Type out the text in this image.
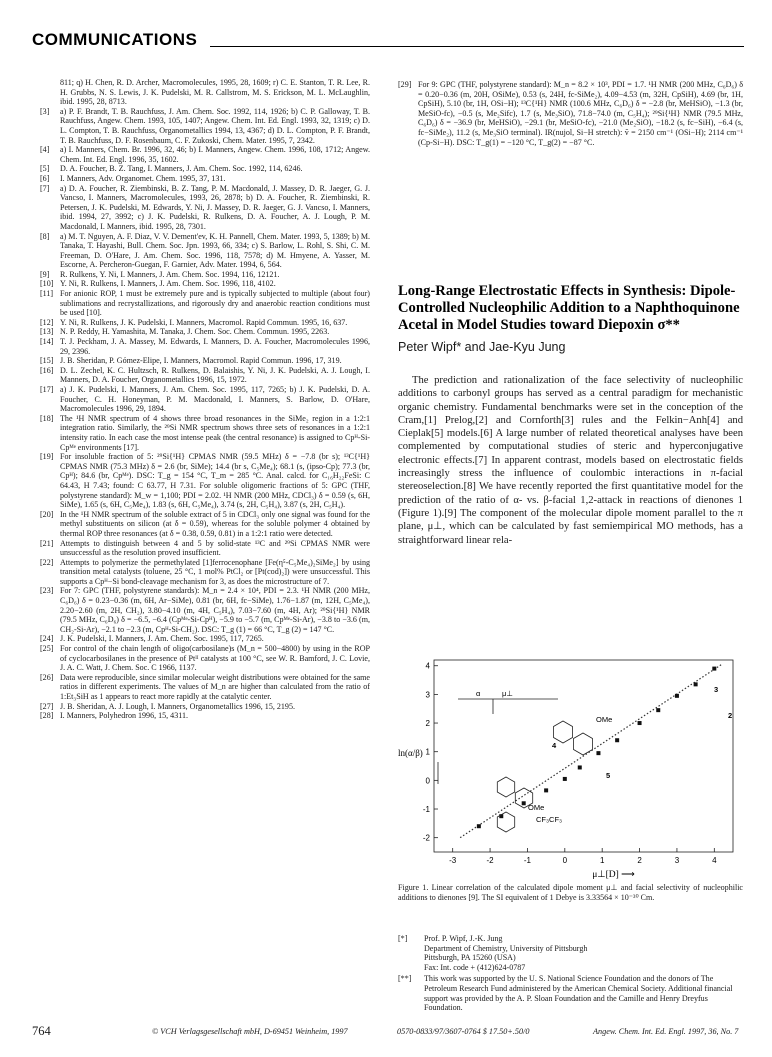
COMMUNICATIONS

811; q) H. Chen, R. D. Archer, Macromolecules, 1995, 28, 1609; r) C. E. Stanton, T. R. Lee, R. H. Grubbs, N. S. Lewis, J. K. Pudelski, M. R. Callstrom, M. S. Erickson, M. L. McLaughlin, ibid. 1995, 28, 8713.

[3] a) P. F. Brandt, T. B. Rauchfuss, J. Am. Chem. Soc. 1992, 114, 1926; b) C. P. Galloway, T. B. Rauchfuss, Angew. Chem. 1993, 105, 1407; Angew. Chem. Int. Ed. Engl. 1993, 32, 1319; c) D. L. Compton, T. B. Rauchfuss, Organometallics 1994, 13, 4367; d) D. L. Compton, P. F. Brandt, T. B. Rauchfuss, D. F. Rosenbaum, C. F. Zukoski, Chem. Mater. 1995, 7, 2342.

[4] a) I. Manners, Chem. Br. 1996, 32, 46; b) I. Manners, Angew. Chem. 1996, 108, 1712; Angew. Chem. Int. Ed. Engl. 1996, 35, 1602.

[5] D. A. Foucher, B. Z. Tang, I. Manners, J. Am. Chem. Soc. 1992, 114, 6246.

[6] I. Manners, Adv. Organomet. Chem. 1995, 37, 131.

[7] a) D. A. Foucher, R. Ziembinski, B. Z. Tang, P. M. Macdonald, J. Massey, D. R. Jaeger, G. J. Vancso, I. Manners, Macromolecules, 1993, 26, 2878; b) D. A. Foucher, R. Ziembinski, R. Petersen, J. K. Pudelski, M. Edwards, Y. Ni, J. Massey, D. R. Jaeger, G. J. Vancso, I. Manners, ibid. 1994, 27, 3992; c) J. K. Pudelski, R. Rulkens, D. A. Foucher, A. J. Lough, P. M. Macdonald, I. Manners, ibid. 1995, 28, 7301.

[8] a) M. T. Nguyen, A. F. Diaz, V. V. Dement'ev, K. H. Pannell, Chem. Mater. 1993, 5, 1389; b) M. Tanaka, T. Hayashi, Bull. Chem. Soc. Jpn. 1993, 66, 334; c) S. Barlow, L. Rohl, S. Shi, C. M. Freeman, D. O'Hare, J. Am. Chem. Soc. 1996, 118, 7578; d) M. Hmyene, A. Yasser, M. Escorne, A. Percheron-Guegan, F. Garnier, Adv. Mater. 1994, 6, 564.

[9] R. Rulkens, Y. Ni, I. Manners, J. Am. Chem. Soc. 1994, 116, 12121.

[10] Y. Ni, R. Rulkens, I. Manners, J. Am. Chem. Soc. 1996, 118, 4102.

[11] For anionic ROP, 1 must be extremely pure and is typically subjected to multiple (about four) sublimations and recrystallizations, and rigorously dry and anaerobic reaction conditions must be used [10].

[12] Y. Ni, R. Rulkens, J. K. Pudelski, I. Manners, Macromol. Rapid Commun. 1995, 16, 637.

[13] N. P. Reddy, H. Yamashita, M. Tanaka, J. Chem. Soc. Chem. Commun. 1995, 2263.

[14] T. J. Peckham, J. A. Massey, M. Edwards, I. Manners, D. A. Foucher, Macromolecules 1996, 29, 2396.

[15] J. B. Sheridan, P. Gómez-Elipe, I. Manners, Macromol. Rapid Commun. 1996, 17, 319.

[16] D. L. Zechel, K. C. Hultzsch, R. Rulkens, D. Balaishis, Y. Ni, J. K. Pudelski, A. J. Lough, I. Manners, D. A. Foucher, Organometallics 1996, 15, 1972.

[17] a) J. K. Pudelski, I. Manners, J. Am. Chem. Soc. 1995, 117, 7265; b) J. K. Pudelski, D. A. Foucher, C. H. Honeyman, P. M. Macdonald, I. Manners, S. Barlow, D. O'Hare, Macromolecules 1996, 29, 1894.

[18] The ¹H NMR spectrum of 4 shows three broad resonances in the SiMe₂ region in a 1:2:1 integration ratio. Similarly, the ²⁹Si NMR spectrum shows three sets of resonances in a 1:2:1 intensity ratio. In each case the most intense peak (the central resonance) is assigned to Cpᴴ-Si-Cpᴹᵉ environments [17].

[19] For insoluble fraction of 5: ²⁹Si{¹H} CPMAS NMR (59.5 MHz) δ = −7.8 (br s); ¹³C{¹H} CPMAS NMR (75.3 MHz) δ = 2.6 (br, SiMe); 14.4 (br s, C₅Me₄); 68.1 (s, (ipso-Cp); 77.3 (br, Cpᴴ); 84.6 (br, Cpᴹᵉ). DSC: T_g = 154 °C, T_m = 285 °C. Anal. calcd. for C₁₆H₂₂FeSi: C 64.43, H 7.43; found: C 63.77, H 7.31. For soluble oligomeric fractions of 5: GPC (THF, polystyrene standard): M_w = 1,100; PDI = 2.02. ¹H NMR (200 MHz, CDCl₃) δ = 0.59 (s, 6H, SiMe), 1.65 (s, 6H, C₅Me₄), 1.83 (s, 6H, C₅Me₄), 3.74 (s, 2H, C₅H₄), 3.87 (s, 2H, C₅H₄).

[20] In the ¹H NMR spectrum of the soluble extract of 5 in CDCl₃ only one signal was found for the methyl substituents on silicon (at δ = 0.59), whereas for the soluble polymer 4 obtained by thermal ROP three resonances (at δ = 0.38, 0.59, 0.81) in a 1:2:1 ratio were detected.

[21] Attempts to distinguish between 4 and 5 by solid-state ¹³C and ²⁹Si CPMAS NMR were unsuccessful as the resolution proved insufficient.

[22] Attempts to polymerize the permethylated [1]ferrocenophane [Fe(η⁵-C₅Me₄)₂SiMe₂] by using transition metal catalysts (toluene, 25 °C, 1 mol% PtCl₂ or [Pt(cod)₂]) were unsuccessful. This supports a Cpᴴ−Si bond-cleavage mechanism for 3, as does the microstructure of 7.

[23] For 7: GPC (THF, polystyrene standards): M_n = 2.4 × 10⁴, PDI = 2.3. ¹H NMR (200 MHz, C₆D₆) δ = 0.23−0.36 (m, 6H, Ar−SiMe), 0.81 (br, 6H, fc−SiMe), 1.76−1.87 (m, 12H, C₅Me₄), 2.20−2.60 (m, 2H, CH₂), 3.80−4.10 (m, 4H, C₅H₄), 7.03−7.60 (m, 4H, Ar); ²⁹Si{¹H} NMR (79.5 MHz, C₆D₆) δ = −6.5, −6.4 (Cpᴹᵉ-Si-Cpᴴ), −5.9 to −5.7 (m, Cpᴹᵉ-Si-Ar), −3.8 to −3.6 (m, CH₂-Si-Ar), −2.1 to −2.3 (m, Cpᴴ-Si-CH₂). DSC: T_g (1) = 66 °C, T_g (2) = 147 °C.

[24] J. K. Pudelski, I. Manners, J. Am. Chem. Soc. 1995, 117, 7265.

[25] For control of the chain length of oligo(carbosilane)s (M_n = 500−4800) by using in the ROP of cyclocarbosilanes in the presence of Ptᴵᴵ catalysts at 100 °C, see W. R. Bamford, J. C. Lovie, J. A. C. Watt, J. Chem. Soc. C 1966, 1137.

[26] Data were reproducible, since similar molecular weight distributions were obtained for the same ratios in different experiments. The values of M_n are higher than calculated from the ratio of 1:Et₃SiH as 1 appears to react more rapidly at the catalytic center.

[27] J. B. Sheridan, A. J. Lough, I. Manners, Organometallics 1996, 15, 2195.

[28] I. Manners, Polyhedron 1996, 15, 4311.

[29] For 9: GPC (THF, polystyrene standard): M_n = 8.2 × 10³, PDI = 1.7. ¹H NMR (200 MHz, C₆D₆) δ = 0.20−0.36 (m, 20H, OSiMe), 0.53 (s, 24H, fc-SiMe₂), 4.09−4.53 (m, 32H, CpSiH), 4.69 (br, 1H, CpSiH), 5.10 (br, 1H, OSi−H); ¹³C{¹H} NMR (100.6 MHz, C₆D₆) δ = −2.8 (br, MeHSiO), −1.3 (br, MeSiO-fc), −0.5 (s, Me₂Sifc), 1.7 (s, Me₃SiO), 71.8−74.0 (m, C₅H₄); ²⁹Si{¹H} NMR (79.5 MHz, C₆D₆) δ = −36.9 (br, MeHSiO), −29.1 (br, MeSiO-fc), −21.0 (Me₂SiO), −18.2 (s, fc−SiH), −6.4 (s, fc−SiMe₂), 11.2 (s, Me₃SiO terminal). IR(nujol, Si−H stretch): ṽ = 2150 cm⁻¹ (OSi−H); 2114 cm⁻¹ (Cp-Si−H). DSC: T_g(1) = −120 °C, T_g(2) = −87 °C.

Long-Range Electrostatic Effects in Synthesis: Dipole-Controlled Nucleophilic Addition to a Naphthoquinone Acetal in Model Studies toward Diepoxin σ**

Peter Wipf* and Jae-Kyu Jung

The prediction and rationalization of the face selectivity of nucleophilic additions to carbonyl groups has served as a central paradigm for mechanistic organic chemistry. Fundamental benchmarks were set in the conception of the Cram,[1] Prelog,[2] and Cornforth[3] rules and the Felkin−Anh[4] and Cieplak[5] models.[6] A large number of related theoretical analyses have been complemented by computational studies of steric and hyperconjugative electronic effects.[7] In apparent contrast, models based on electrostatic fields increasingly stress the influence of coulombic interactions in π-facial stereoselection.[8] We have recently reported the first quantitative model for the prediction of the ratio of α- vs. β-facial 1,2-attack in reactions of dienones 1 (Figure 1).[9] The component of the molecular dipole moment parallel to the π plane, μ⊥, which can be calculated by fast semiempirical MO methods, has a straightforward linear rela-

-3	-2	-1	0	1	2	3	4
-2
-1
0
1
2
3
4
2
3
4
5
OMe
OMe
CF₃CF₃
α	μ⊥
μ⊥[D] ⟶
ln(α/β)
Figure 1. Linear correlation of the calculated dipole moment μ⊥ and facial selectivity of nucleophilic additions to dienones [9]. The SI equivalent of 1 Debye is 3.33564 × 10⁻³⁰ Cm.
[*] Prof. P. Wipf, J.-K. Jung
Department of Chemistry, University of Pittsburgh
Pittsburgh, PA 15260 (USA)
Fax: Int. code + (412)624-0787
[**] This work was supported by the U. S. National Science Foundation and the donors of The Petroleum Research Fund administered by the American Chemical Society. Additional financial support was provided by the A. P. Sloan Foundation and the Camille and Henry Dreyfus Foundation.
764	© VCH Verlagsgesellschaft mbH, D-69451 Weinheim, 1997	0570-0833/97/3607-0764 $ 17.50+.50/0	Angew. Chem. Int. Ed. Engl. 1997, 36, No. 7
